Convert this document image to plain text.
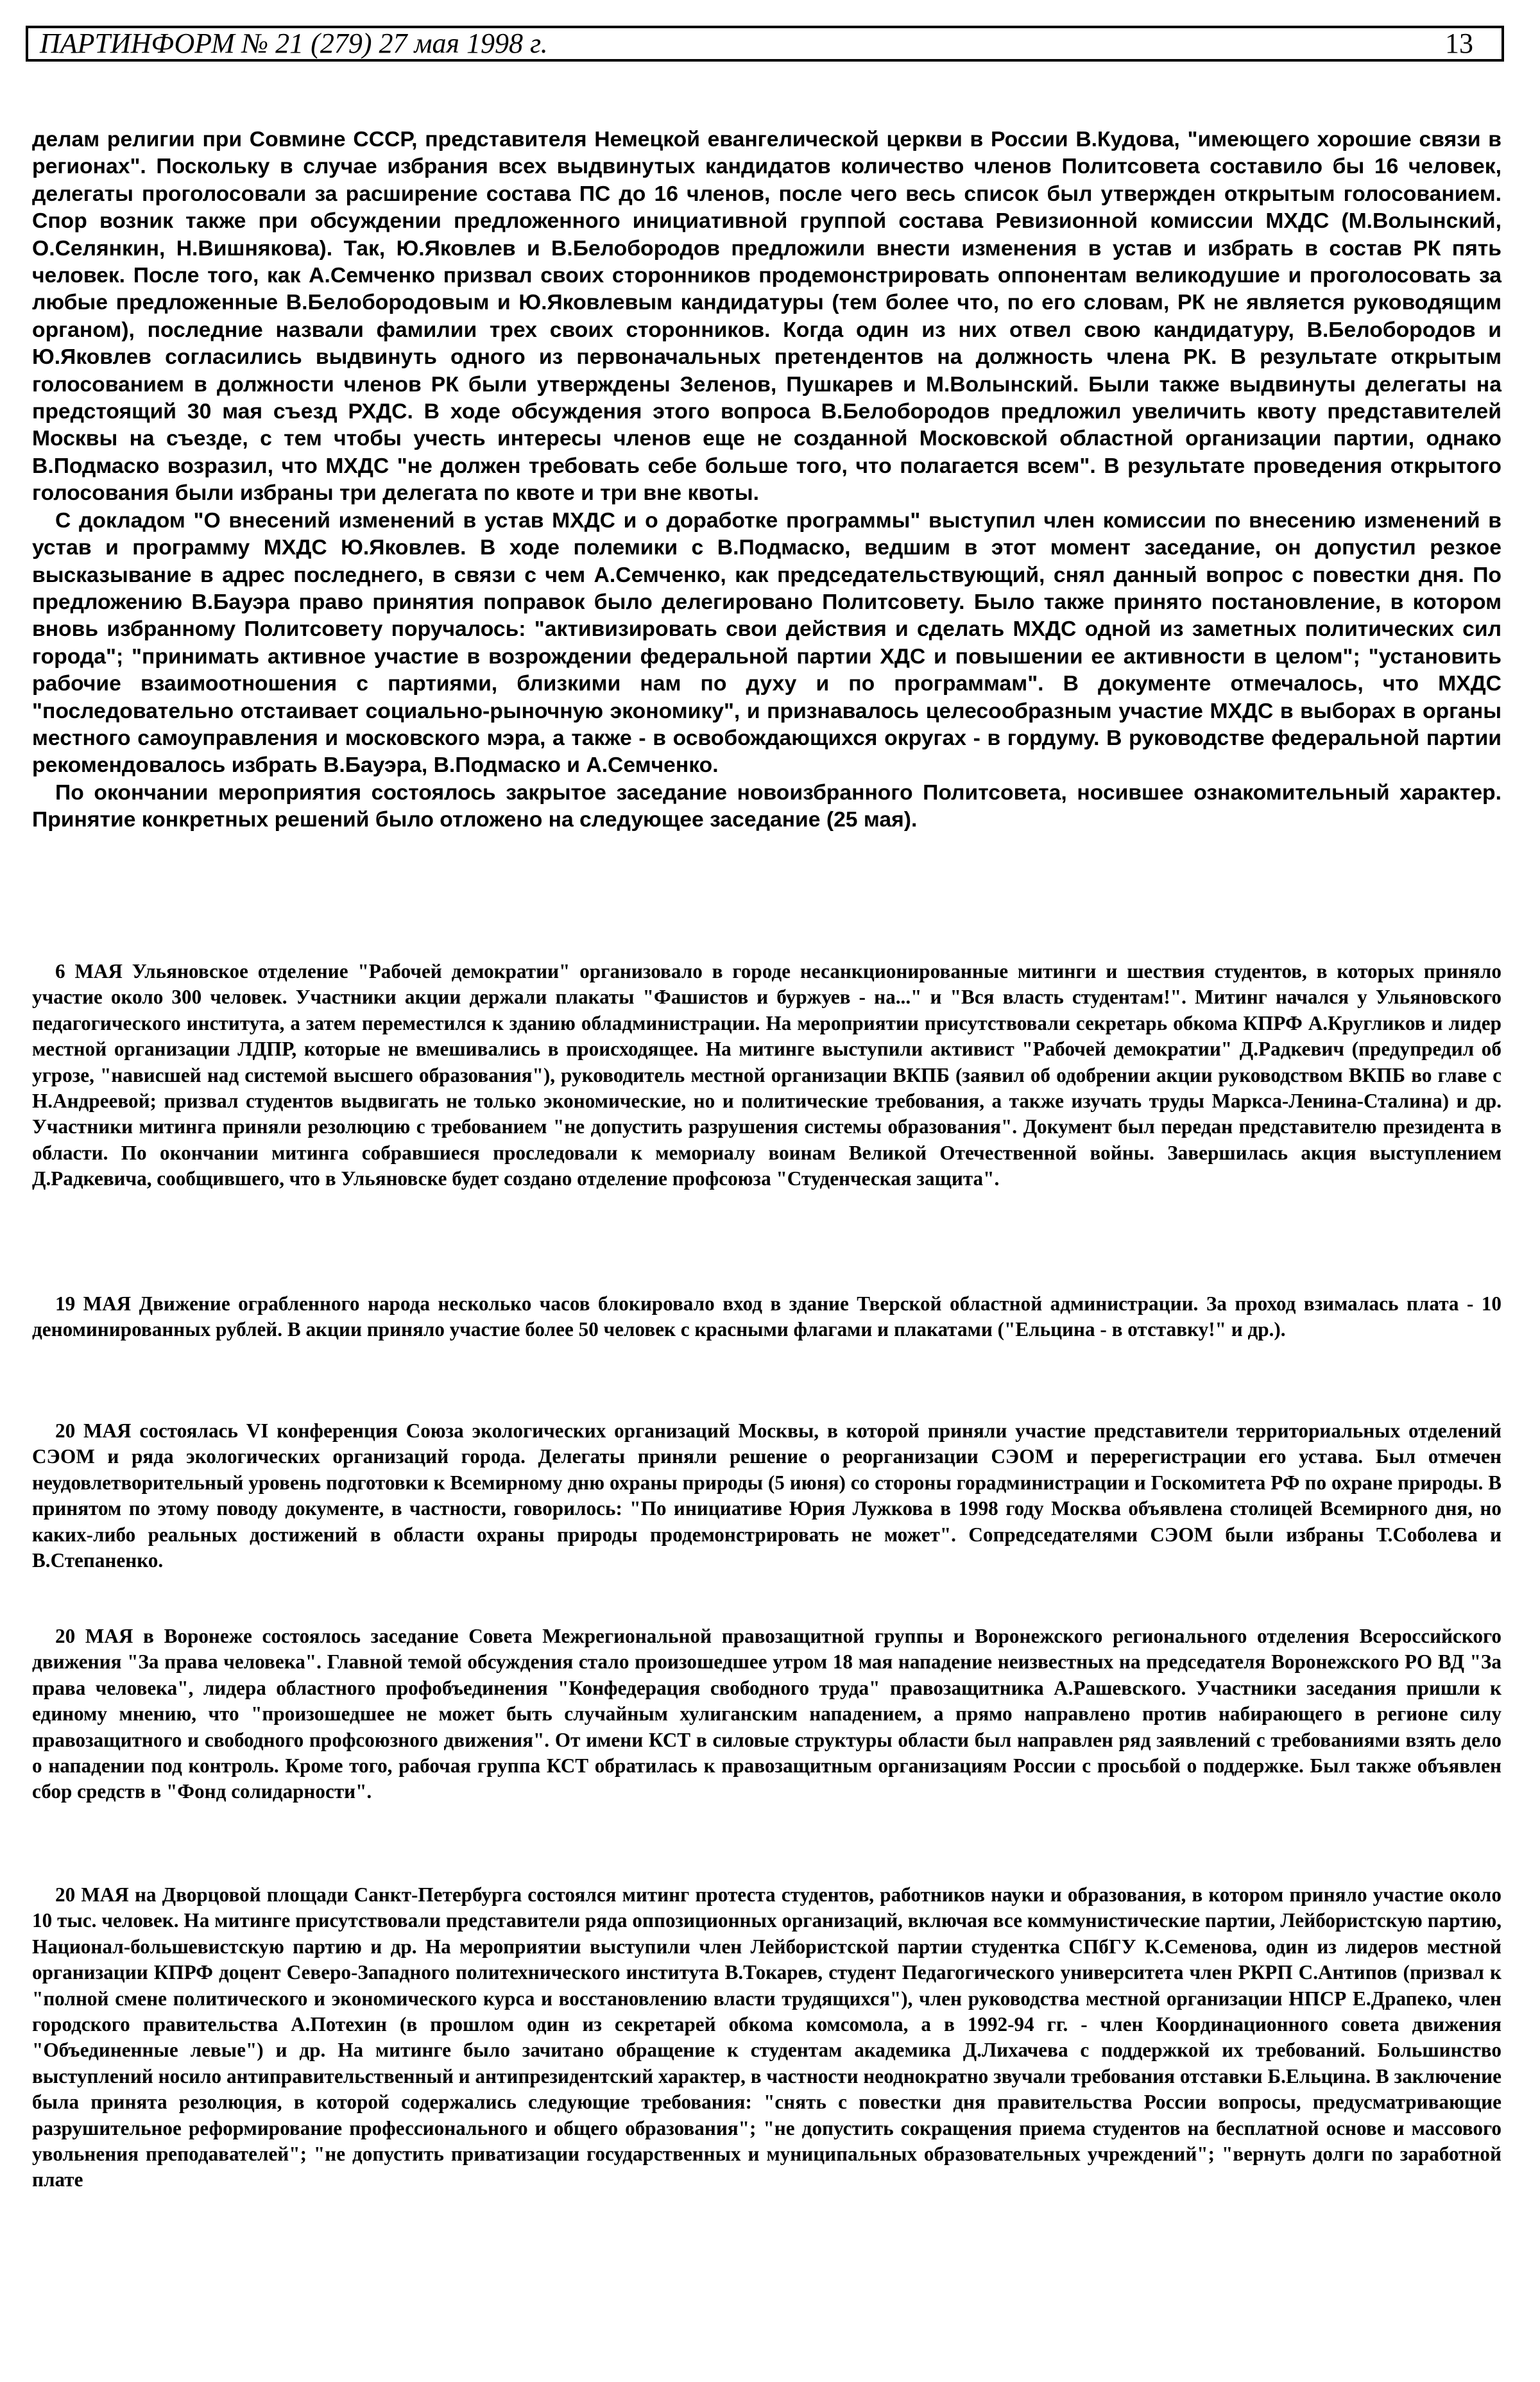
ПАРТИНФОРМ № 21 (279) 27 мая 1998 г.	13

делам религии при Совмине СССР, представителя Немецкой евангелической церкви в России В.Кудова, "имеющего хорошие связи в регионах". Поскольку в случае избрания всех выдвинутых кандидатов количество членов Политсовета составило бы 16 человек, делегаты проголосовали за расширение состава ПС до 16 членов, после чего весь список был утвержден открытым голосованием. Спор возник также при обсуждении предложенного инициативной группой состава Ревизионной комиссии МХДС (М.Волынский, О.Селянкин, Н.Вишнякова). Так, Ю.Яковлев и В.Белобородов предложили внести изменения в устав и избрать в состав РК пять человек. После того, как А.Семченко призвал своих сторонников продемонстрировать оппонентам великодушие и проголосовать за любые предложенные В.Белобородовым и Ю.Яковлевым кандидатуры (тем более что, по его словам, РК не является руководящим органом), последние назвали фамилии трех своих сторонников. Когда один из них отвел свою кандидатуру, В.Белобородов и Ю.Яковлев согласились выдвинуть одного из первоначальных претендентов на должность члена РК. В результате открытым голосованием в должности членов РК были утверждены Зеленов, Пушкарев и М.Волынский. Были также выдвинуты делегаты на предстоящий 30 мая съезд РХДС. В ходе обсуждения этого вопроса В.Белобородов предложил увеличить квоту представителей Москвы на съезде, с тем чтобы учесть интересы членов еще не созданной Московской областной организации партии, однако В.Подмаско возразил, что МХДС "не должен требовать себе больше того, что полагается всем". В результате проведения открытого голосования были избраны три делегата по квоте и три вне квоты.

С докладом "О внесений изменений в устав МХДС и о доработке программы" выступил член комиссии по внесению изменений в устав и программу МХДС Ю.Яковлев. В ходе полемики с В.Подмаско, ведшим в этот момент заседание, он допустил резкое высказывание в адрес последнего, в связи с чем А.Семченко, как председательствующий, снял данный вопрос с повестки дня. По предложению В.Бауэра право принятия поправок было делегировано Политсовету. Было также принято постановление, в котором вновь избранному Политсовету поручалось: "активизировать свои действия и сделать МХДС одной из заметных политических сил города"; "принимать активное участие в возрождении федеральной партии ХДС и повышении ее активности в целом"; "установить рабочие взаимоотношения с партиями, близкими нам по духу и по программам". В документе отмечалось, что МХДС "последовательно отстаивает социально-рыночную экономику", и признавалось целесообразным участие МХДС в выборах в органы местного самоуправления и московского мэра, а также - в освобождающихся округах - в гордуму. В руководстве федеральной партии рекомендовалось избрать В.Бауэра, В.Подмаско и А.Семченко.

По окончании мероприятия состоялось закрытое заседание новоизбранного Политсовета, носившее ознакомительный характер. Принятие конкретных решений было отложено на следующее заседание (25 мая).

6 МАЯ Ульяновское отделение "Рабочей демократии" организовало в городе несанкционированные митинги и шествия студентов, в которых приняло участие около 300 человек. Участники акции держали плакаты "Фашистов и буржуев - на..." и "Вся власть студентам!". Митинг начался у Ульяновского педагогического института, а затем переместился к зданию обладминистрации. На мероприятии присутствовали секретарь обкома КПРФ А.Кругликов и лидер местной организации ЛДПР, которые не вмешивались в происходящее. На митинге выступили активист "Рабочей демократии" Д.Радкевич (предупредил об угрозе, "нависшей над системой высшего образования"), руководитель местной организации ВКПБ (заявил об одобрении акции руководством ВКПБ во главе с Н.Андреевой; призвал студентов выдвигать не только экономические, но и политические требования, а также изучать труды Маркса-Ленина-Сталина) и др. Участники митинга приняли резолюцию с требованием "не допустить разрушения системы образования". Документ был передан представителю президента в области. По окончании митинга собравшиеся проследовали к мемориалу воинам Великой Отечественной войны. Завершилась акция выступлением Д.Радкевича, сообщившего, что в Ульяновске будет создано отделение профсоюза "Студенческая защита".

19 МАЯ Движение ограбленного народа несколько часов блокировало вход в здание Тверской областной администрации. За проход взималась плата - 10 деноминированных рублей. В акции приняло участие более 50 человек с красными флагами и плакатами ("Ельцина - в отставку!" и др.).

20 МАЯ состоялась VI конференция Союза экологических организаций Москвы, в которой приняли участие представители территориальных отделений СЭОМ и ряда экологических организаций города. Делегаты приняли решение о реорганизации СЭОМ и перерегистрации его устава. Был отмечен неудовлетворительный уровень подготовки к Всемирному дню охраны природы (5 июня) со стороны горадминистрации и Госкомитета РФ по охране природы. В принятом по этому поводу документе, в частности, говорилось: "По инициативе Юрия Лужкова в 1998 году Москва объявлена столицей Всемирного дня, но каких-либо реальных достижений в области охраны природы продемонстрировать не может". Сопредседателями СЭОМ были избраны Т.Соболева и В.Степаненко.

20 МАЯ в Воронеже состоялось заседание Совета Межрегиональной правозащитной группы и Воронежского регионального отделения Всероссийского движения "За права человека". Главной темой обсуждения стало произошедшее утром 18 мая нападение неизвестных на председателя Воронежского РО ВД "За права человека", лидера областного профобъединения "Конфедерация свободного труда" правозащитника А.Рашевского. Участники заседания пришли к единому мнению, что "произошедшее не может быть случайным хулиганским нападением, а прямо направлено против набирающего в регионе силу правозащитного и свободного профсоюзного движения". От имени КСТ в силовые структуры области был направлен ряд заявлений с требованиями взять дело о нападении под контроль. Кроме того, рабочая группа КСТ обратилась к правозащитным организациям России с просьбой о поддержке. Был также объявлен сбор средств в "Фонд солидарности".

20 МАЯ на Дворцовой площади Санкт-Петербурга состоялся митинг протеста студентов, работников науки и образования, в котором приняло участие около 10 тыс. человек. На митинге присутствовали представители ряда оппозиционных организаций, включая все коммунистические партии, Лейбористскую партию, Национал-большевистскую партию и др. На мероприятии выступили член Лейбористской партии студентка СПбГУ К.Семенова, один из лидеров местной организации КПРФ доцент Северо-Западного политехнического института В.Токарев, студент Педагогического университета член РКРП С.Антипов (призвал к "полной смене политического и экономического курса и восстановлению власти трудящихся"), член руководства местной организации НПСР Е.Драпеко, член городского правительства А.Потехин (в прошлом один из секретарей обкома комсомола, а в 1992-94 гг. - член Координационного совета движения "Объединенные левые") и др. На митинге было зачитано обращение к студентам академика Д.Лихачева с поддержкой их требований. Большинство выступлений носило антиправительственный и антипрезидентский характер, в частности неоднократно звучали требования отставки Б.Ельцина. В заключение была принята резолюция, в которой содержались следующие требования: "снять с повестки дня правительства России вопросы, предусматривающие разрушительное реформирование профессионального и общего образования"; "не допустить сокращения приема студентов на бесплатной основе и массового увольнения преподавателей"; "не допустить приватизации государственных и муниципальных образовательных учреждений"; "вернуть долги по заработной плате
